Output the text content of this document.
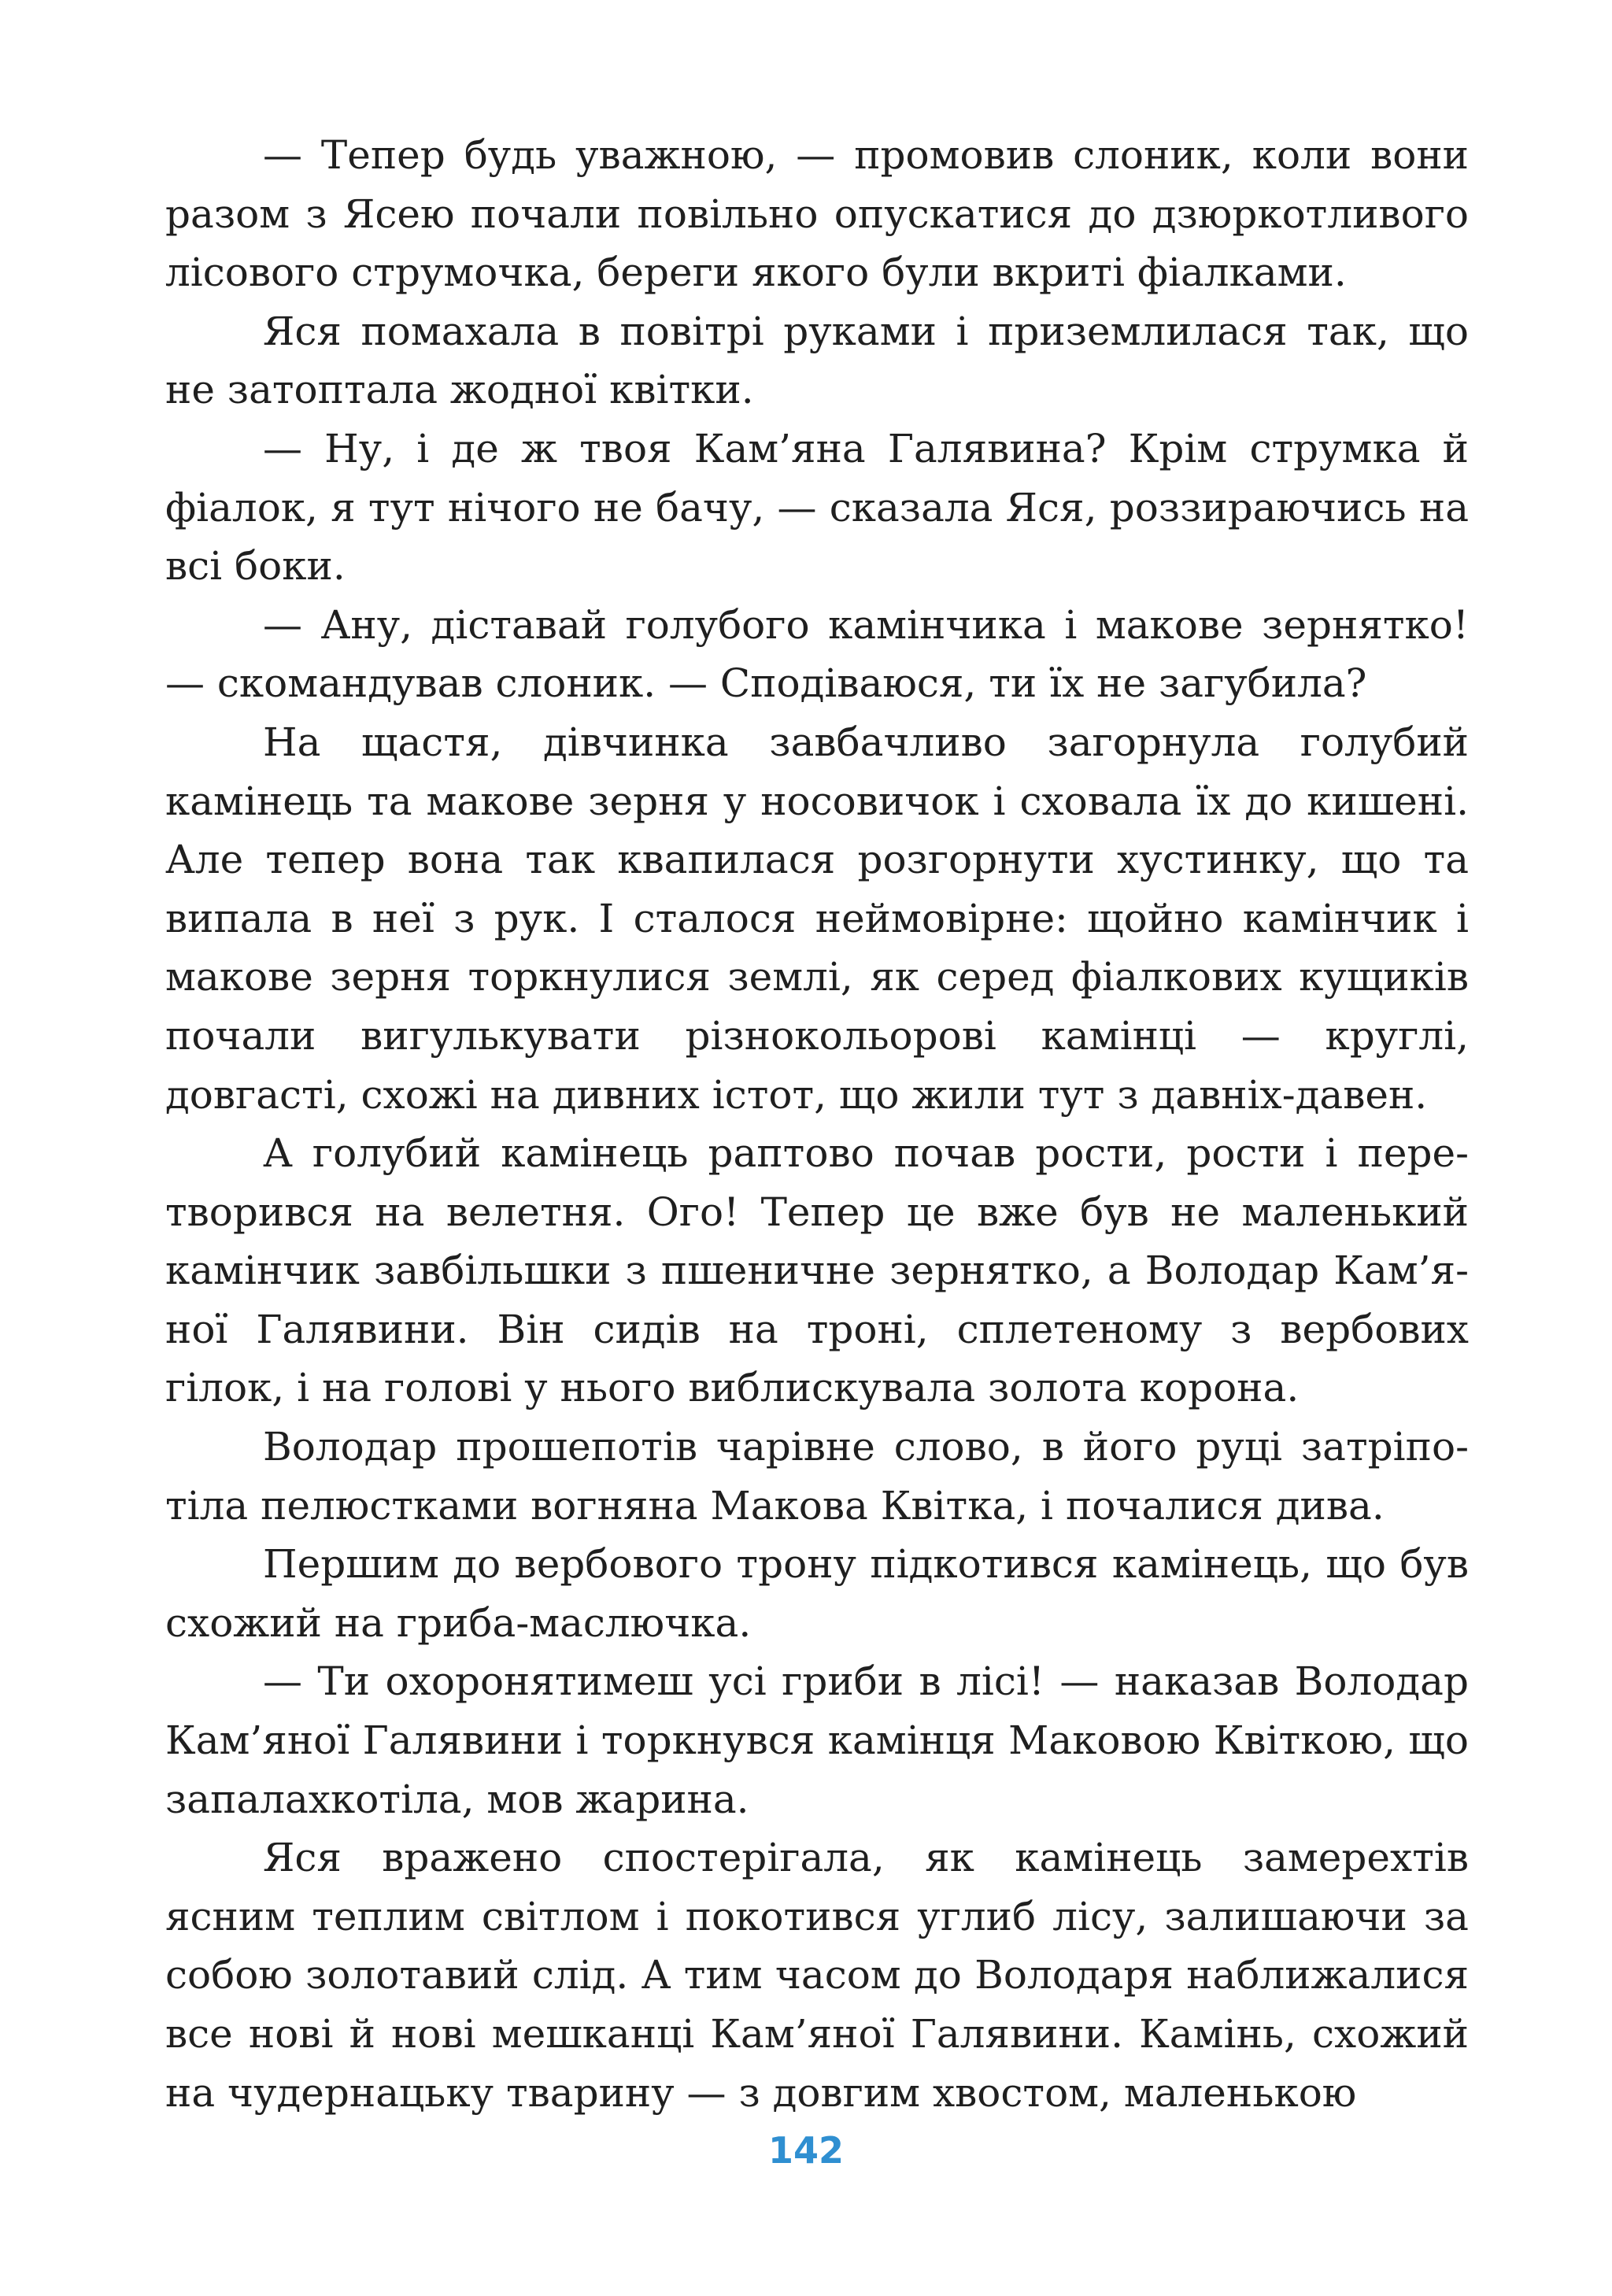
— Тепер будь уважною, — промовив слоник, коли вони разом з Ясею почали повільно опускатися до дзюркотливого лісового струмочка, береги якого були вкриті фіалками.

Яся помахала в повітрі руками і приземлилася так, що не затоптала жодної квітки.

— Ну, і де ж твоя Кам’яна Галявина? Крім струмка й фіалок, я тут нічого не бачу, — сказала Яся, роззираючись на всі боки.

— Ану, діставай голубого камінчика і макове зернятко! — скомандував слоник. — Сподіваюся, ти їх не загубила?

На щастя, дівчинка завбачливо загорнула голубий камінець та макове зерня у носовичок і сховала їх до кишені. Але тепер вона так квапилася розгорнути хустинку, що та випала в неї з рук. І сталося неймовірне: щойно камінчик і макове зерня торкнулися землі, як серед фіалкових кущиків почали вигулькувати різнокольорові камінці — круглі, довгасті, схожі на дивних істот, що жили тут з давніх-давен.

А голубий камінець раптово почав рости, рости і перетворився на велетня. Ого! Тепер це вже був не маленький камінчик завбільшки з пшеничне зернятко, а Володар Кам’яної Галявини. Він сидів на троні, сплетеному з вербових гілок, і на голові у нього виблискувала золота корона.

Володар прошепотів чарівне слово, в його руці затріпотіла пелюстками вогняна Макова Квітка, і почалися дива.

Першим до вербового трону підкотився камінець, що був схожий на гриба-маслючка.

— Ти охоронятимеш усі гриби в лісі! — наказав Володар Кам’яної Галявини і торкнувся камінця Маковою Квіткою, що запалахкотіла, мов жарина.

Яся вражено спостерігала, як камінець замерехтів ясним теплим світлом і покотився углиб лісу, залишаючи за собою золотавий слід. А тим часом до Володаря наближалися все нові й нові мешканці Кам’яної Галявини. Камінь, схожий на чудернацьку тварину — з довгим хвостом, маленькою

142
